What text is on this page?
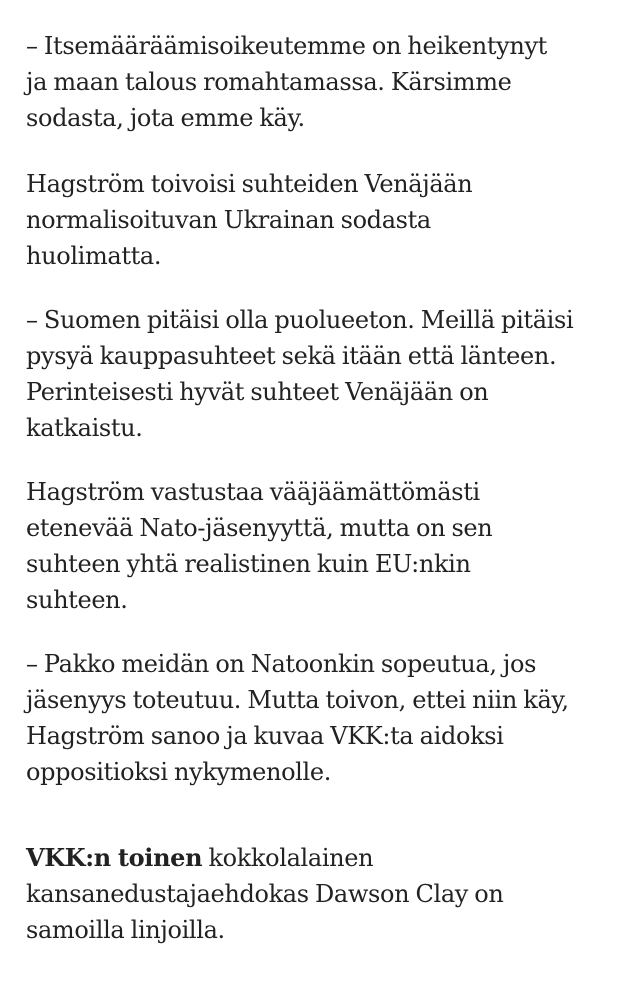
– Itsemääräämisoikeutemme on heikentynyt
ja maan talous romahtamassa. Kärsimme
sodasta, jota emme käy.

Hagström toivoisi suhteiden Venäjään
normalisoituvan Ukrainan sodasta
huolimatta.

– Suomen pitäisi olla puolueeton. Meillä pitäisi
pysyä kauppasuhteet sekä itään että länteen.
Perinteisesti hyvät suhteet Venäjään on
katkaistu.

Hagström vastustaa vääjäämättömästi
etenevää Nato-jäsenyyttä, mutta on sen
suhteen yhtä realistinen kuin EU:nkin
suhteen.

– Pakko meidän on Natoonkin sopeutua, jos
jäsenyys toteutuu. Mutta toivon, ettei niin käy,
Hagström sanoo ja kuvaa VKK:ta aidoksi
oppositioksi nykymenolle.

VKK:n toinen kokkolalainen
kansanedustajaehdokas Dawson Clay on
samoilla linjoilla.
